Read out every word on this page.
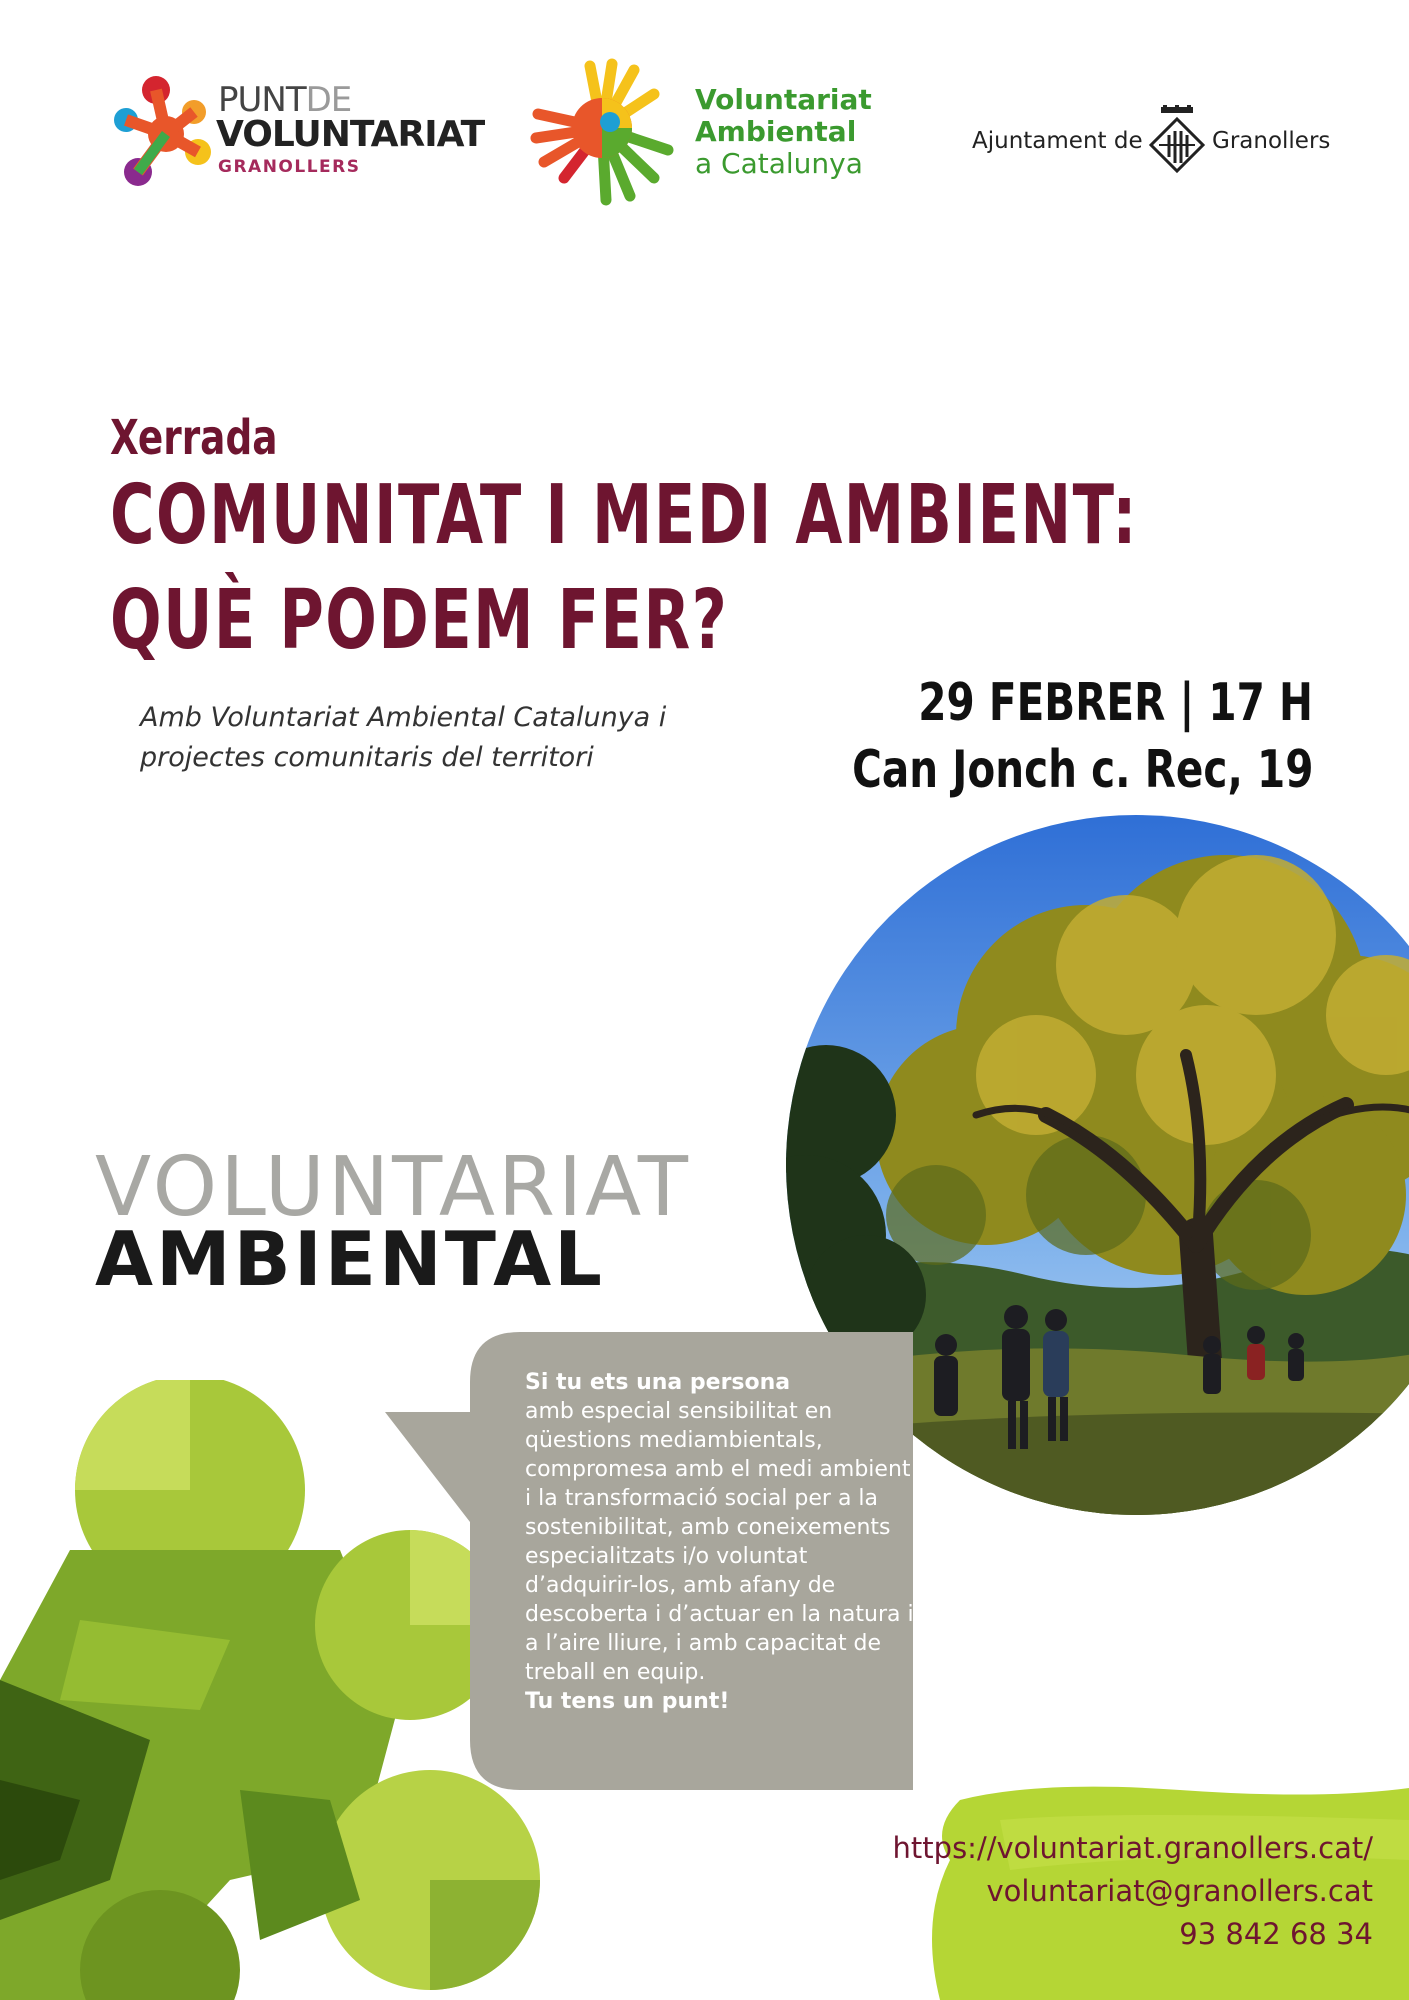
PUNTDE
VOLUNTARIAT
GRANOLLERS
Voluntariat
Ambiental
a Catalunya
Ajuntament de	Granollers
Xerrada
COMUNITAT I MEDI AMBIENT:
QUÈ PODEM FER?
Amb Voluntariat Ambiental Catalunya i
projectes comunitaris del territori
29 FEBRER | 17 H
Can Jonch c. Rec, 19
VOLUNTARIAT
AMBIENTAL
Si tu ets una persona
amb especial sensibilitat en qüestions mediambientals, compromesa amb el medi ambient i la transformació social per a la sostenibilitat, amb coneixements especialitzats i/o voluntat d’adquirir-los, amb afany de descoberta i d’actuar en la natura i a l’aire lliure, i amb capacitat de treball en equip.
Tu tens un punt!
https://voluntariat.granollers.cat/
voluntariat@granollers.cat
93 842 68 34
